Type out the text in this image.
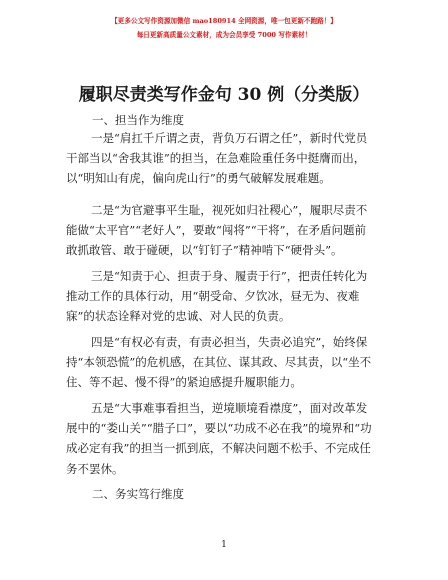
【更多公文写作资源加微信 mao180914 全网资源，唯一包更新不跑路！】
每日更新高质量公文素材，成为会员享受 7000 写作素材！
履职尽责类写作金句 30 例（分类版）
一、担当作为维度
一是“肩扛千斤谓之责，背负万石谓之任”，新时代党员
干部当以“舍我其谁”的担当，在急难险重任务中挺膺而出，
以“明知山有虎，偏向虎山行”的勇气破解发展难题。
二是“为官避事平生耻，视死如归社稷心”，履职尽责不
能做“太平官”“老好人”，要敢“闯将”“干将”，在矛盾问题前
敢抓敢管、敢于碰硬，以“钉钉子”精神啃下“硬骨头”。
三是“知责于心、担责于身、履责于行”，把责任转化为
推动工作的具体行动，用“朝受命、夕饮冰，昼无为、夜难
寐”的状态诠释对党的忠诚、对人民的负责。
四是“有权必有责，有责必担当，失责必追究”，始终保
持“本领恐慌”的危机感，在其位、谋其政、尽其责，以“坐不
住、等不起、慢不得”的紧迫感提升履职能力。
五是“大事难事看担当，逆境顺境看襟度”，面对改革发
展中的“娄山关”“腊子口”，要以“功成不必在我”的境界和“功
成必定有我”的担当一抓到底，不解决问题不松手、不完成任
务不罢休。
二、务实笃行维度
1
